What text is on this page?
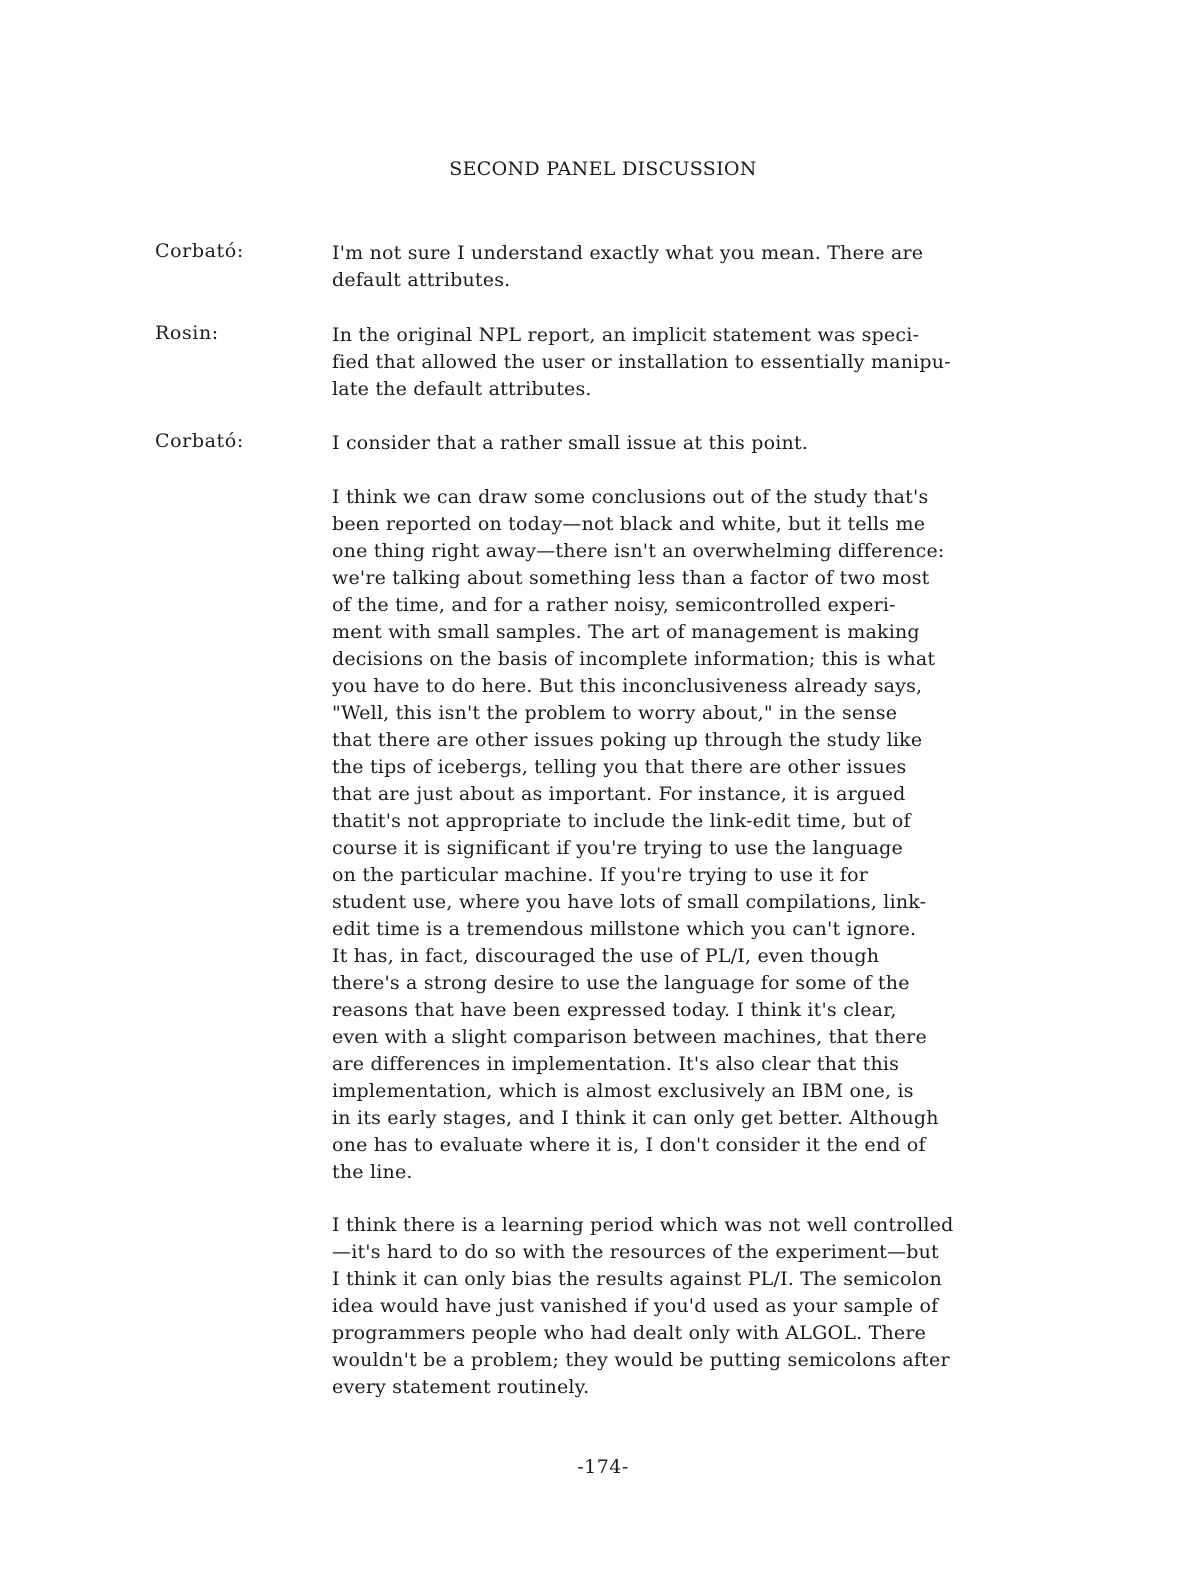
SECOND PANEL DISCUSSION
Corbató:	I'm not sure I understand exactly what you mean. There are
default attributes.
Rosin:	In the original NPL report, an implicit statement was speci-
fied that allowed the user or installation to essentially manipu-
late the default attributes.
Corbató:	I consider that a rather small issue at this point.
I think we can draw some conclusions out of the study that's
been reported on today—not black and white, but it tells me
one thing right away—there isn't an overwhelming difference:
we're talking about something less than a factor of two most
of the time, and for a rather noisy, semicontrolled experi-
ment with small samples. The art of management is making
decisions on the basis of incomplete information; this is what
you have to do here. But this inconclusiveness already says,
"Well, this isn't the problem to worry about," in the sense
that there are other issues poking up through the study like
the tips of icebergs, telling you that there are other issues
that are just about as important. For instance, it is argued
thatit's not appropriate to include the link-edit time, but of
course it is significant if you're trying to use the language
on the particular machine. If you're trying to use it for
student use, where you have lots of small compilations, link-
edit time is a tremendous millstone which you can't ignore.
It has, in fact, discouraged the use of PL/I, even though
there's a strong desire to use the language for some of the
reasons that have been expressed today. I think it's clear,
even with a slight comparison between machines, that there
are differences in implementation. It's also clear that this
implementation, which is almost exclusively an IBM one, is
in its early stages, and I think it can only get better. Although
one has to evaluate where it is, I don't consider it the end of
the line.
I think there is a learning period which was not well controlled
—it's hard to do so with the resources of the experiment—but
I think it can only bias the results against PL/I. The semicolon
idea would have just vanished if you'd used as your sample of
programmers people who had dealt only with ALGOL. There
wouldn't be a problem; they would be putting semicolons after
every statement routinely.
-174-
